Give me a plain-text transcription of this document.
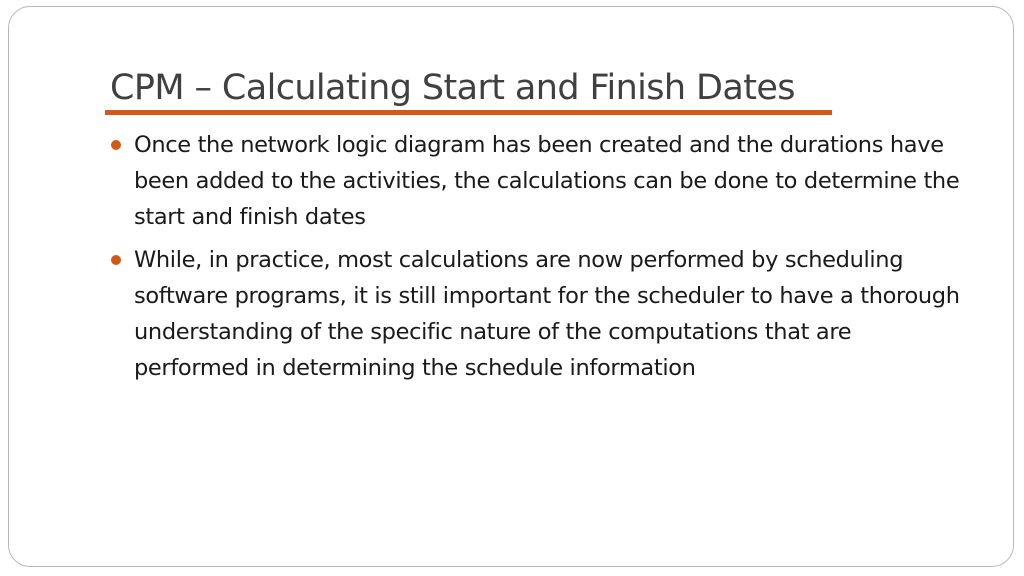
CPM – Calculating Start and Finish Dates
Once the network logic diagram has been created and the durations have been added to the activities, the calculations can be done to determine the start and finish dates
While, in practice, most calculations are now performed by scheduling software programs, it is still important for the scheduler to have a thorough understanding of the specific nature of the computations that are performed in determining the schedule information
